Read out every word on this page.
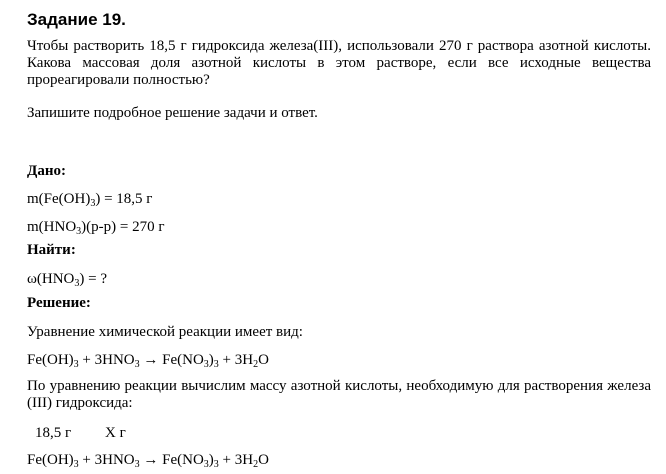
Задание 19.
Чтобы растворить 18,5 г гидроксида железа(III), использовали 270 г раствора азотной кислоты. Какова массовая доля азотной кислоты в этом растворе, если все исходные вещества прореагировали полностью?
Запишите подробное решение задачи и ответ.
Дано:
$m(Fe(OH)_3) = 18,5$ г
$m(HNO_3)(р-р) = 270$ г
Найти:
$\omega(HNO_3)$ = ?
Решение:
Уравнение химической реакции имеет вид:
$Fe(OH)_3 + 3HNO_3 \to Fe(NO_3)_3 + 3H_2O$
По уравнению реакции вычислим массу азотной кислоты, необходимую для растворения железа (III) гидроксида:
18,5 г Х г
$Fe(OH)_3 + 3HNO_3 \to Fe(NO_3)_3 + 3H_2O$
